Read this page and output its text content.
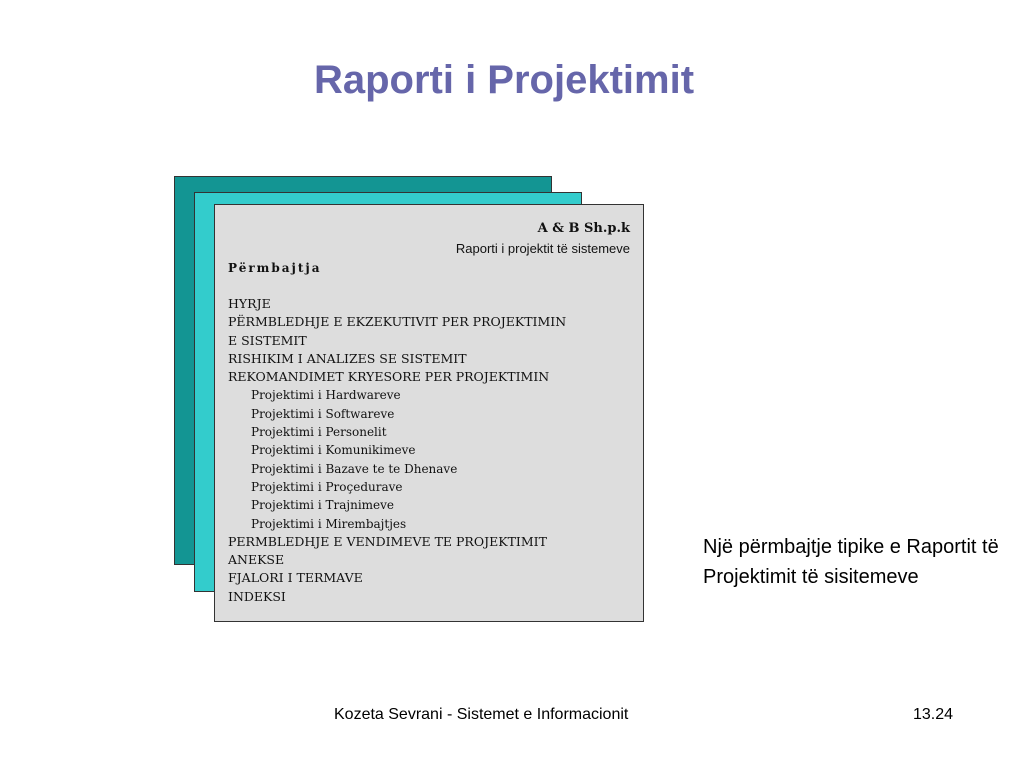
Raporti i Projektimit
A & B Sh.p.k
Raporti i projektit të sistemeve
Përmbajtja
HYRJE
PËRMBLEDHJE E EKZEKUTIVIT PER PROJEKTIMIN
E SISTEMIT
RISHIKIM I ANALIZES SE SISTEMIT
REKOMANDIMET KRYESORE PER PROJEKTIMIN
Projektimi i Hardwareve
Projektimi i Softwareve
Projektimi i Personelit
Projektimi i Komunikimeve
Projektimi i Bazave te te Dhenave
Projektimi i Proçedurave
Projektimi i Trajnimeve
Projektimi i Mirembajtjes
PERMBLEDHJE E VENDIMEVE TE PROJEKTIMIT
ANEKSE
FJALORI I TERMAVE
INDEKSI
Një përmbajtje tipike e Raportit të Projektimit të sisitemeve
Kozeta Sevrani - Sistemet e Informacionit	13.24
